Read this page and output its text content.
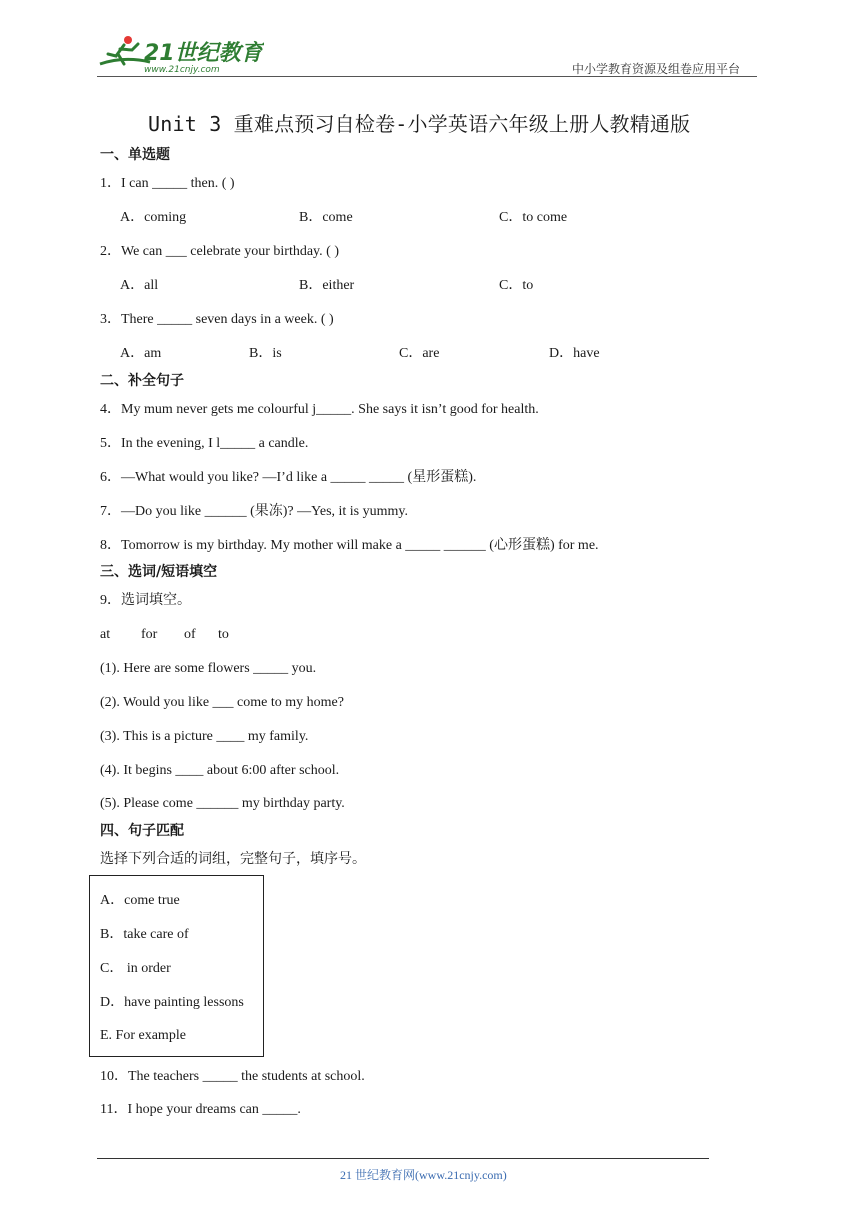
21世纪教育
www.21cnjy.com	中小学教育资源及组卷应用平台
Unit 3 重难点预习自检卷-小学英语六年级上册人教精通版
一、单选题
1．I can _____ then. ( )
A．coming	B．come	C．to come
2．We can ___ celebrate your birthday. ( )
A．all	B．either	C．to
3．There _____ seven days in a week. ( )
A．am	B．is	C．are	D．have
二、补全句子
4．My mum never gets me colourful j_____. She says it isn’t good for health.
5．In the evening, I l_____ a candle.
6．—What would you like? —I’d like a _____ _____ (星形蛋糕).
7．—Do you like ______ (果冻)? —Yes, it is yummy.
8．Tomorrow is my birthday. My mother will make a _____ ______ (心形蛋糕) for me.
三、选词/短语填空
9．选词填空。
at for of to
(1). Here are some flowers _____ you.
(2). Would you like ___ come to my home?
(3). This is a picture ____ my family.
(4). It begins ____ about 6:00 after school.
(5). Please come ______ my birthday party.
四、句子匹配
选择下列合适的词组，完整句子，填序号。
A．come true
B．take care of
C． in order
D．have painting lessons
E. For example
10．The teachers _____ the students at school.
11．I hope your dreams can _____.
21 世纪教育网(www.21cnjy.com)
